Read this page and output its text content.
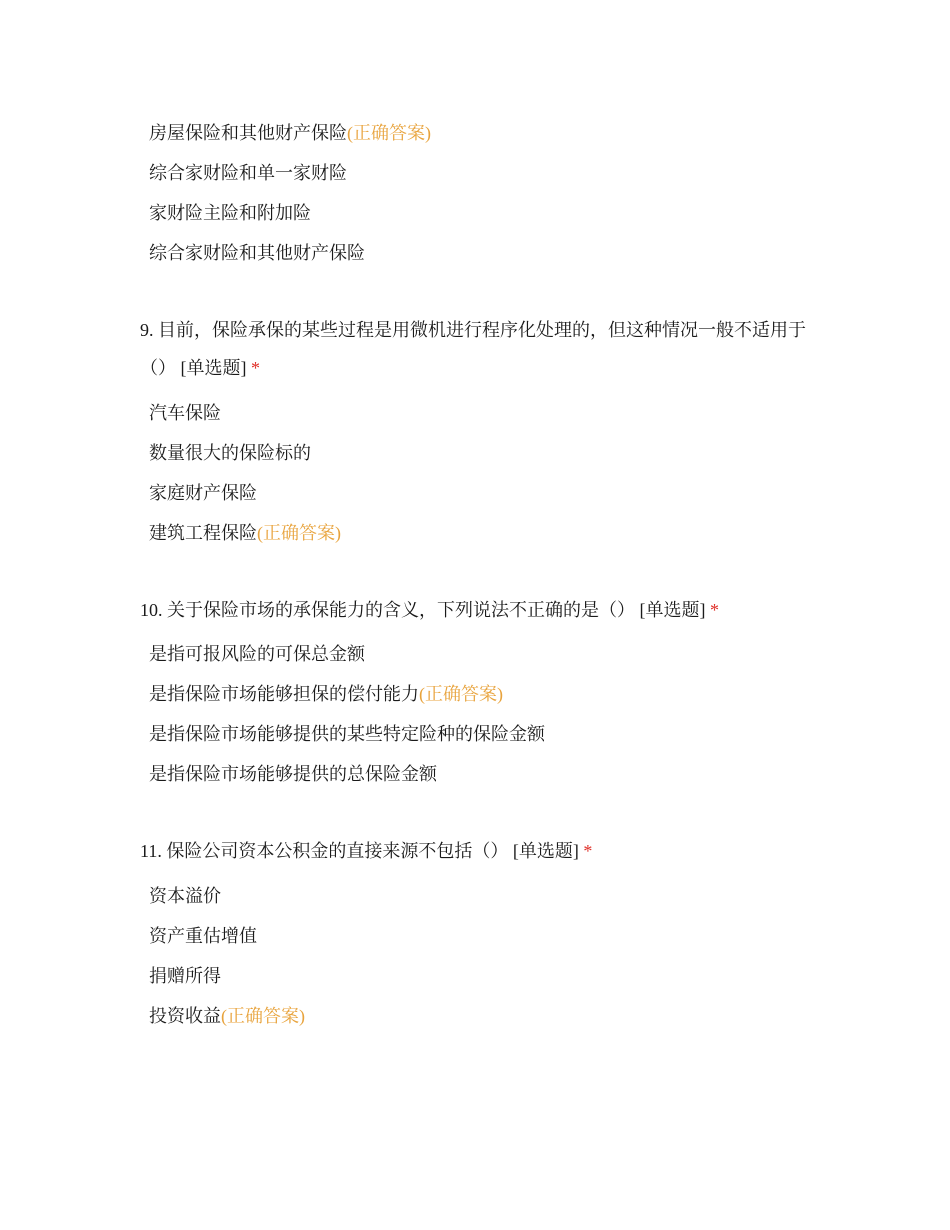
房屋保险和其他财产保险(正确答案)
综合家财险和单一家财险
家财险主险和附加险
综合家财险和其他财产保险
9. 目前，保险承保的某些过程是用微机进行程序化处理的，但这种情况一般不适用于（） [单选题] *
汽车保险
数量很大的保险标的
家庭财产保险
建筑工程保险(正确答案)
10. 关于保险市场的承保能力的含义，下列说法不正确的是（） [单选题] *
是指可报风险的可保总金额
是指保险市场能够担保的偿付能力(正确答案)
是指保险市场能够提供的某些特定险种的保险金额
是指保险市场能够提供的总保险金额
11. 保险公司资本公积金的直接来源不包括（） [单选题] *
资本溢价
资产重估增值
捐赠所得
投资收益(正确答案)
